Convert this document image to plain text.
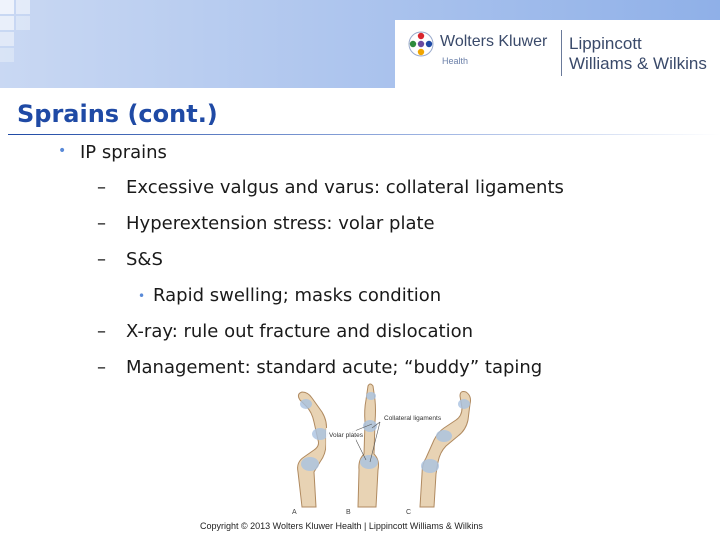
Wolters Kluwer
Health
Lippincott
Williams & Wilkins
Sprains (cont.)
• IP sprains
– Excessive valgus and varus: collateral ligaments
– Hyperextension stress: volar plate
– S&S
• Rapid swelling; masks condition
– X-ray: rule out fracture and dislocation
– Management: standard acute; “buddy” taping
Volar plates
Collateral ligaments
A	B	C
Copyright © 2013 Wolters Kluwer Health | Lippincott Williams & Wilkins
